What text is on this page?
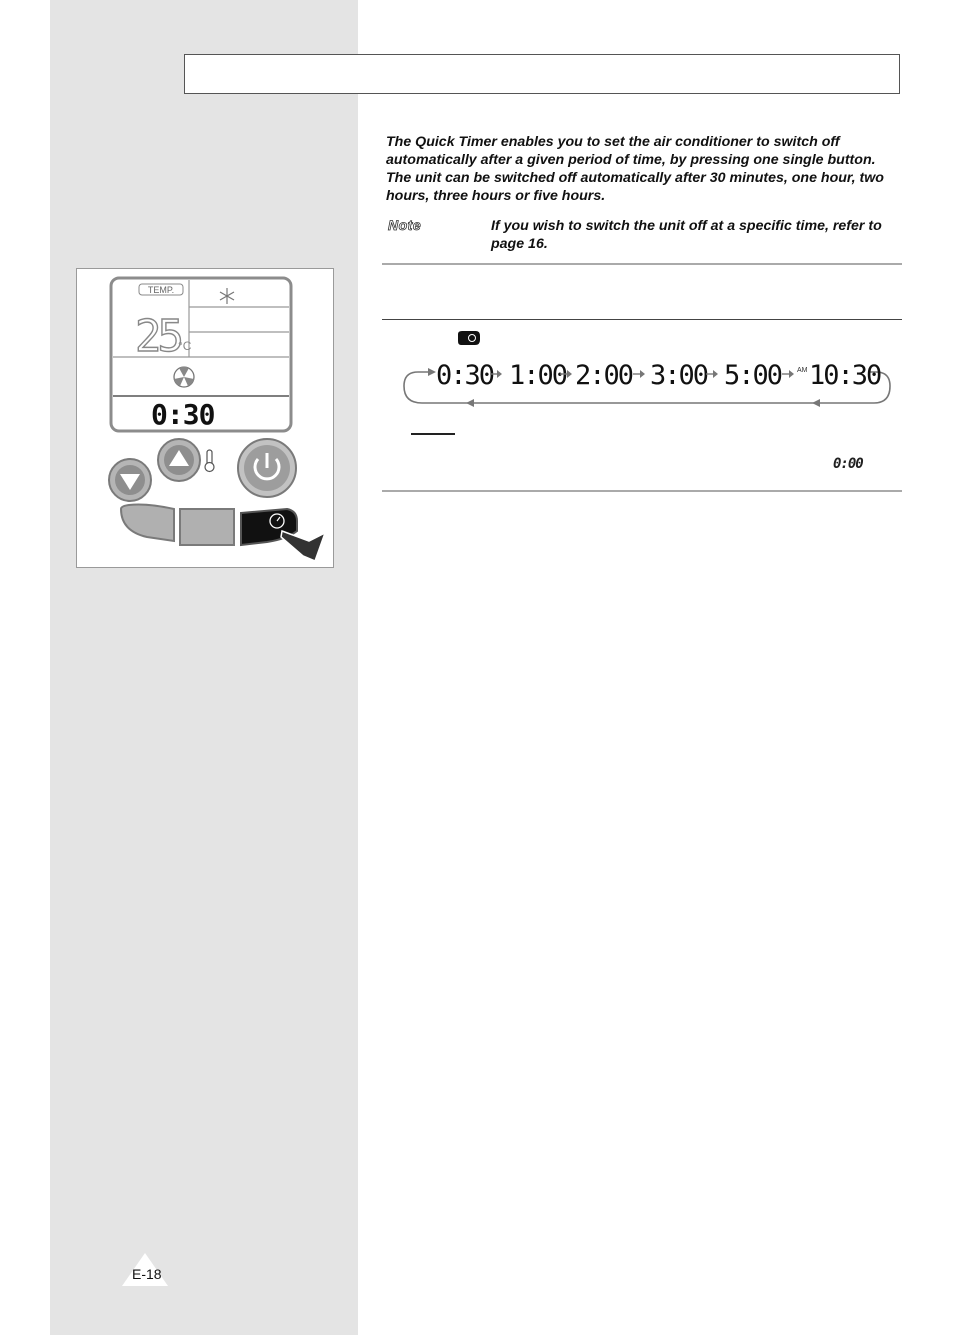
The Quick Timer enables you to set the air conditioner to switch off automatically after a given period of time, by pressing one single button. The unit can be switched off automatically after 30 minutes, one hour, two hours, three hours or five hours.

Note	If you wish to switch the unit off at a specific time, refer to page 16.

TEMP.
25
°C
0:30
0:30 1:00 2:00 3:00 5:00 10:30
AM
0:00
E-18
